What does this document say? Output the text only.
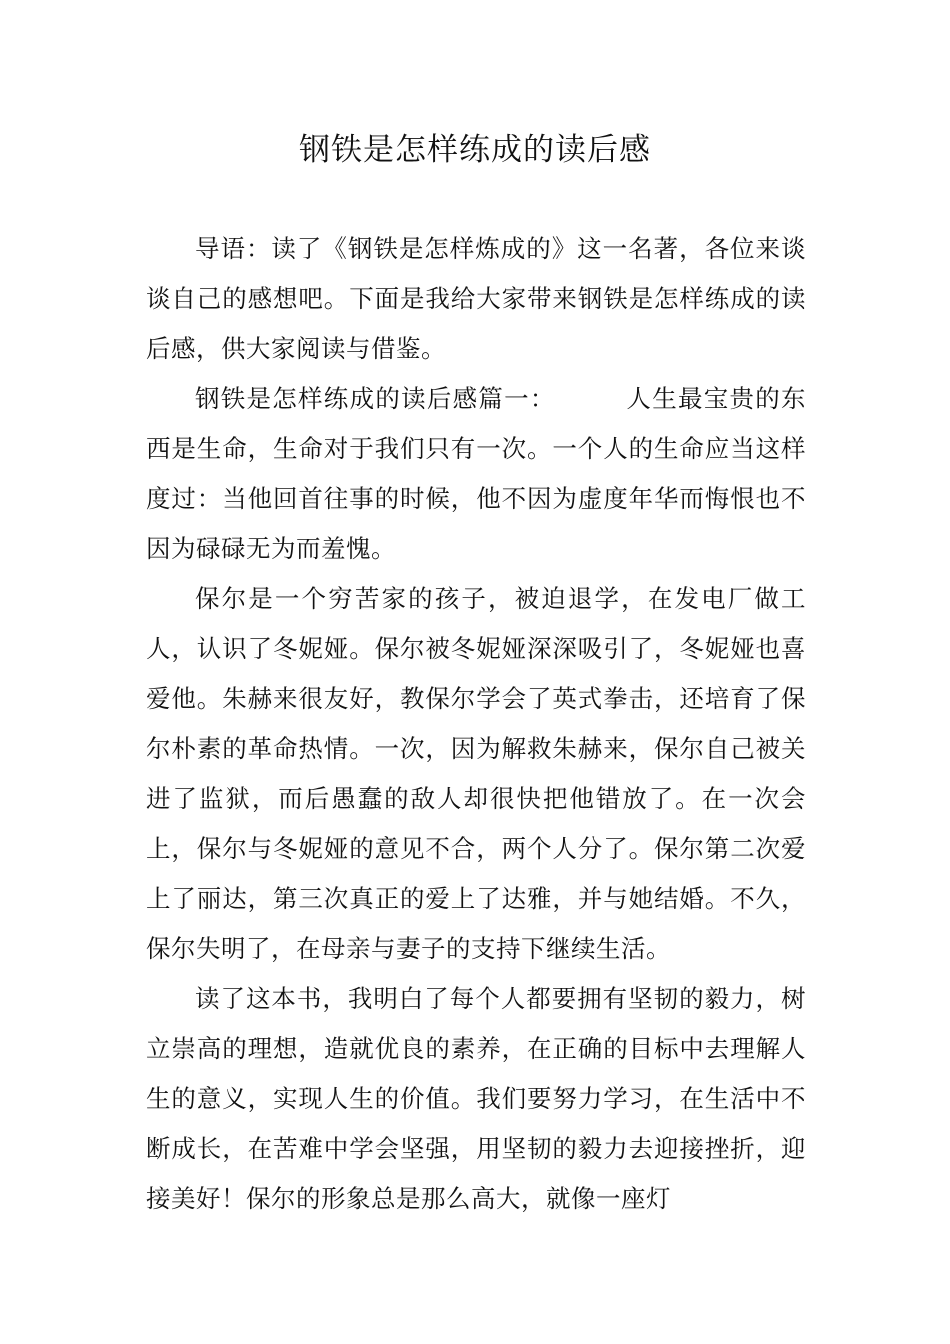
钢铁是怎样练成的读后感

导语：读了《钢铁是怎样炼成的》这一名著，各位来谈谈自己的感想吧。下面是我给大家带来钢铁是怎样练成的读后感，供大家阅读与借鉴。

钢铁是怎样练成的读后感篇一：	人生最宝贵的东西是生命，生命对于我们只有一次。一个人的生命应当这样度过：当他回首往事的时候，他不因为虚度年华而悔恨也不因为碌碌无为而羞愧。

保尔是一个穷苦家的孩子，被迫退学，在发电厂做工人，认识了冬妮娅。保尔被冬妮娅深深吸引了，冬妮娅也喜爱他。朱赫来很友好，教保尔学会了英式拳击，还培育了保尔朴素的革命热情。一次，因为解救朱赫来，保尔自己被关进了监狱，而后愚蠢的敌人却很快把他错放了。在一次会上，保尔与冬妮娅的意见不合，两个人分了。保尔第二次爱上了丽达，第三次真正的爱上了达雅，并与她结婚。不久，保尔失明了，在母亲与妻子的支持下继续生活。

读了这本书，我明白了每个人都要拥有坚韧的毅力，树立崇高的理想，造就优良的素养，在正确的目标中去理解人生的意义，实现人生的价值。我们要努力学习，在生活中不断成长，在苦难中学会坚强，用坚韧的毅力去迎接挫折，迎接美好！保尔的形象总是那么高大，就像一座灯
